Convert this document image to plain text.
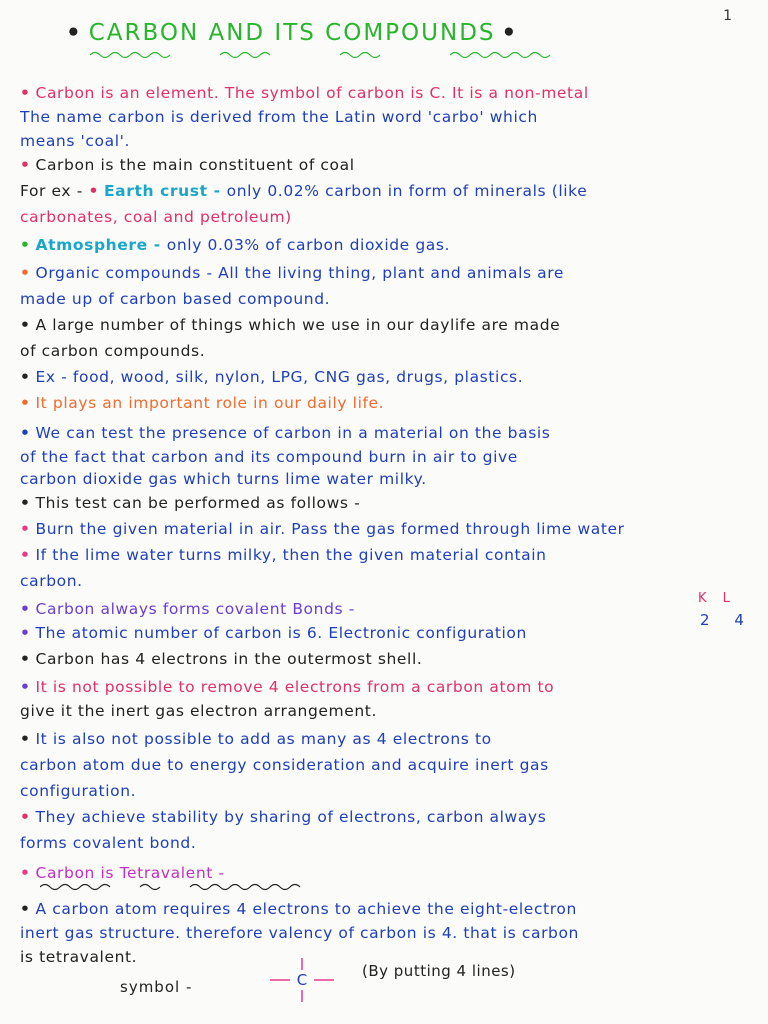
1
• CARBON AND ITS COMPOUNDS •
• Carbon is an element. The symbol of carbon is C. It is a non-metal
The name carbon is derived from the Latin word 'carbo' which
means 'coal'.
• Carbon is the main constituent of coal
For ex - • Earth crust - only 0.02% carbon in form of minerals (like
carbonates, coal and petroleum)
• Atmosphere - only 0.03% of carbon dioxide gas.
• Organic compounds - All the living thing, plant and animals are
made up of carbon based compound.
• A large number of things which we use in our daylife are made
of carbon compounds.
• Ex - food, wood, silk, nylon, LPG, CNG gas, drugs, plastics.
• It plays an important role in our daily life.
• We can test the presence of carbon in a material on the basis
of the fact that carbon and its compound burn in air to give
carbon dioxide gas which turns lime water milky.
• This test can be performed as follows -
• Burn the given material in air. Pass the gas formed through lime water
• If the lime water turns milky, then the given material contain
carbon.
• Carbon always forms covalent Bonds -
K L
• The atomic number of carbon is 6. Electronic configuration
2 4
• Carbon has 4 electrons in the outermost shell.
• It is not possible to remove 4 electrons from a carbon atom to
give it the inert gas electron arrangement.
• It is also not possible to add as many as 4 electrons to
carbon atom due to energy consideration and acquire inert gas
configuration.
• They achieve stability by sharing of electrons, carbon always
forms covalent bond.
• Carbon is Tetravalent -
• A carbon atom requires 4 electrons to achieve the eight-electron
inert gas structure. therefore valency of carbon is 4. that is carbon
is tetravalent.
symbol -	C	(By putting 4 lines)
